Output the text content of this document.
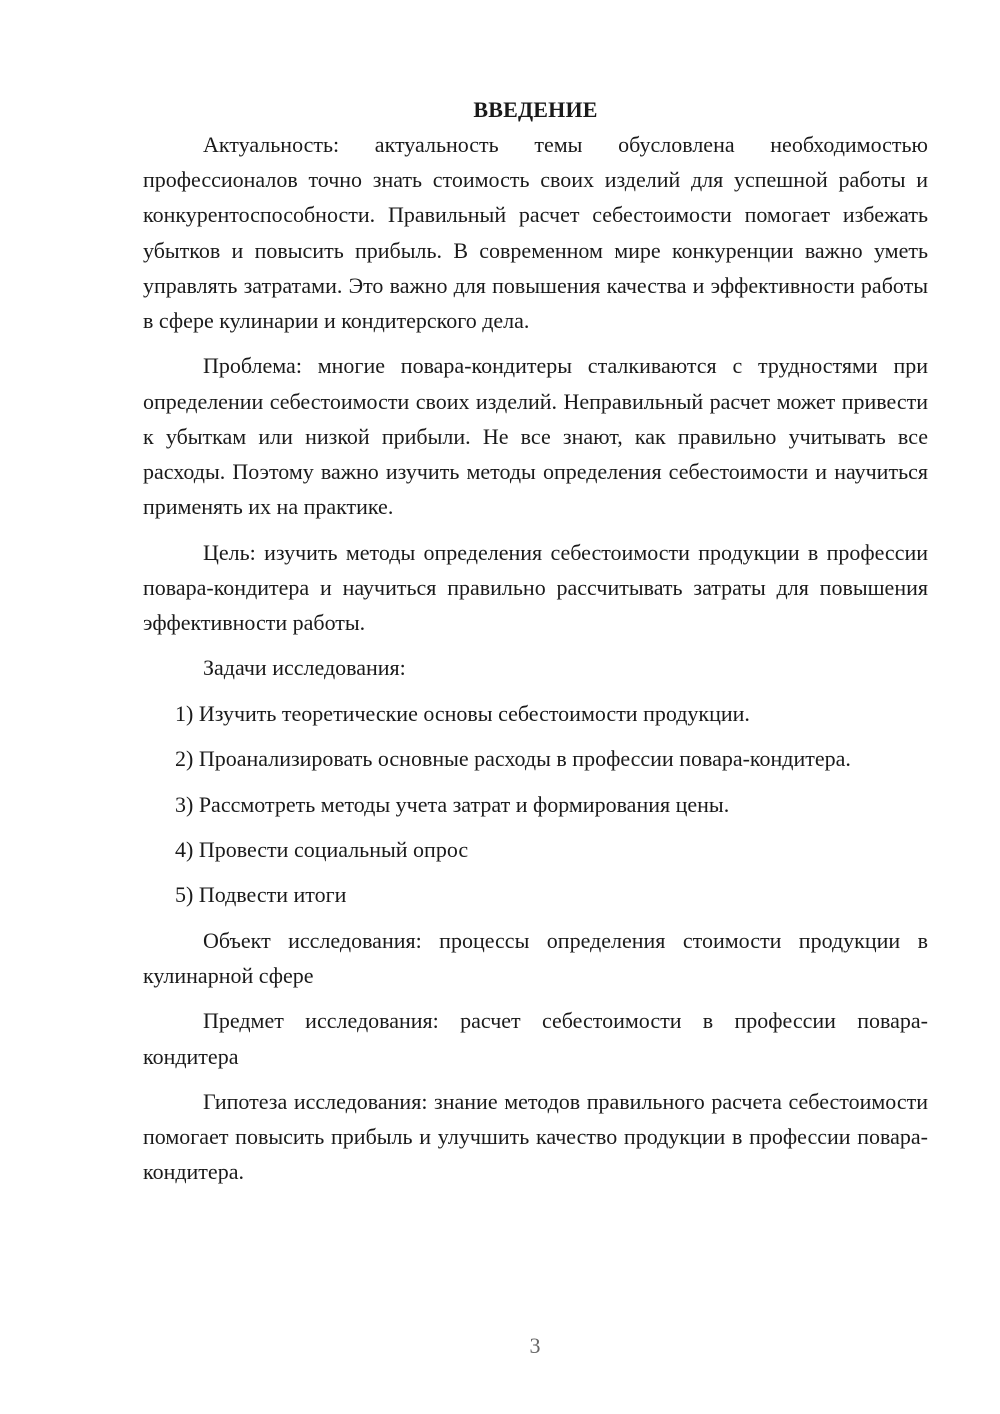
ВВЕДЕНИЕ

Актуальность: актуальность темы обусловлена необходимостью профессионалов точно знать стоимость своих изделий для успешной работы и конкурентоспособности. Правильный расчет себестоимости помогает избежать убытков и повысить прибыль. В современном мире конкуренции важно уметь управлять затратами. Это важно для повышения качества и эффективности работы в сфере кулинарии и кондитерского дела.

Проблема: многие повара-кондитеры сталкиваются с трудностями при определении себестоимости своих изделий. Неправильный расчет может привести к убыткам или низкой прибыли. Не все знают, как правильно учитывать все расходы. Поэтому важно изучить методы определения себестоимости и научиться применять их на практике.

Цель: изучить методы определения себестоимости продукции в профессии повара-кондитера и научиться правильно рассчитывать затраты для повышения эффективности работы.

Задачи исследования:

1) Изучить теоретические основы себестоимости продукции.

2) Проанализировать основные расходы в профессии повара-кондитера.

3) Рассмотреть методы учета затрат и формирования цены.

4) Провести социальный опрос

5) Подвести итоги

Объект исследования: процессы определения стоимости продукции в кулинарной сфере

Предмет исследования: расчет себестоимости в профессии повара-кондитера

Гипотеза исследования: знание методов правильного расчета себестоимости помогает повысить прибыль и улучшить качество продукции в профессии повара-кондитера.

3
